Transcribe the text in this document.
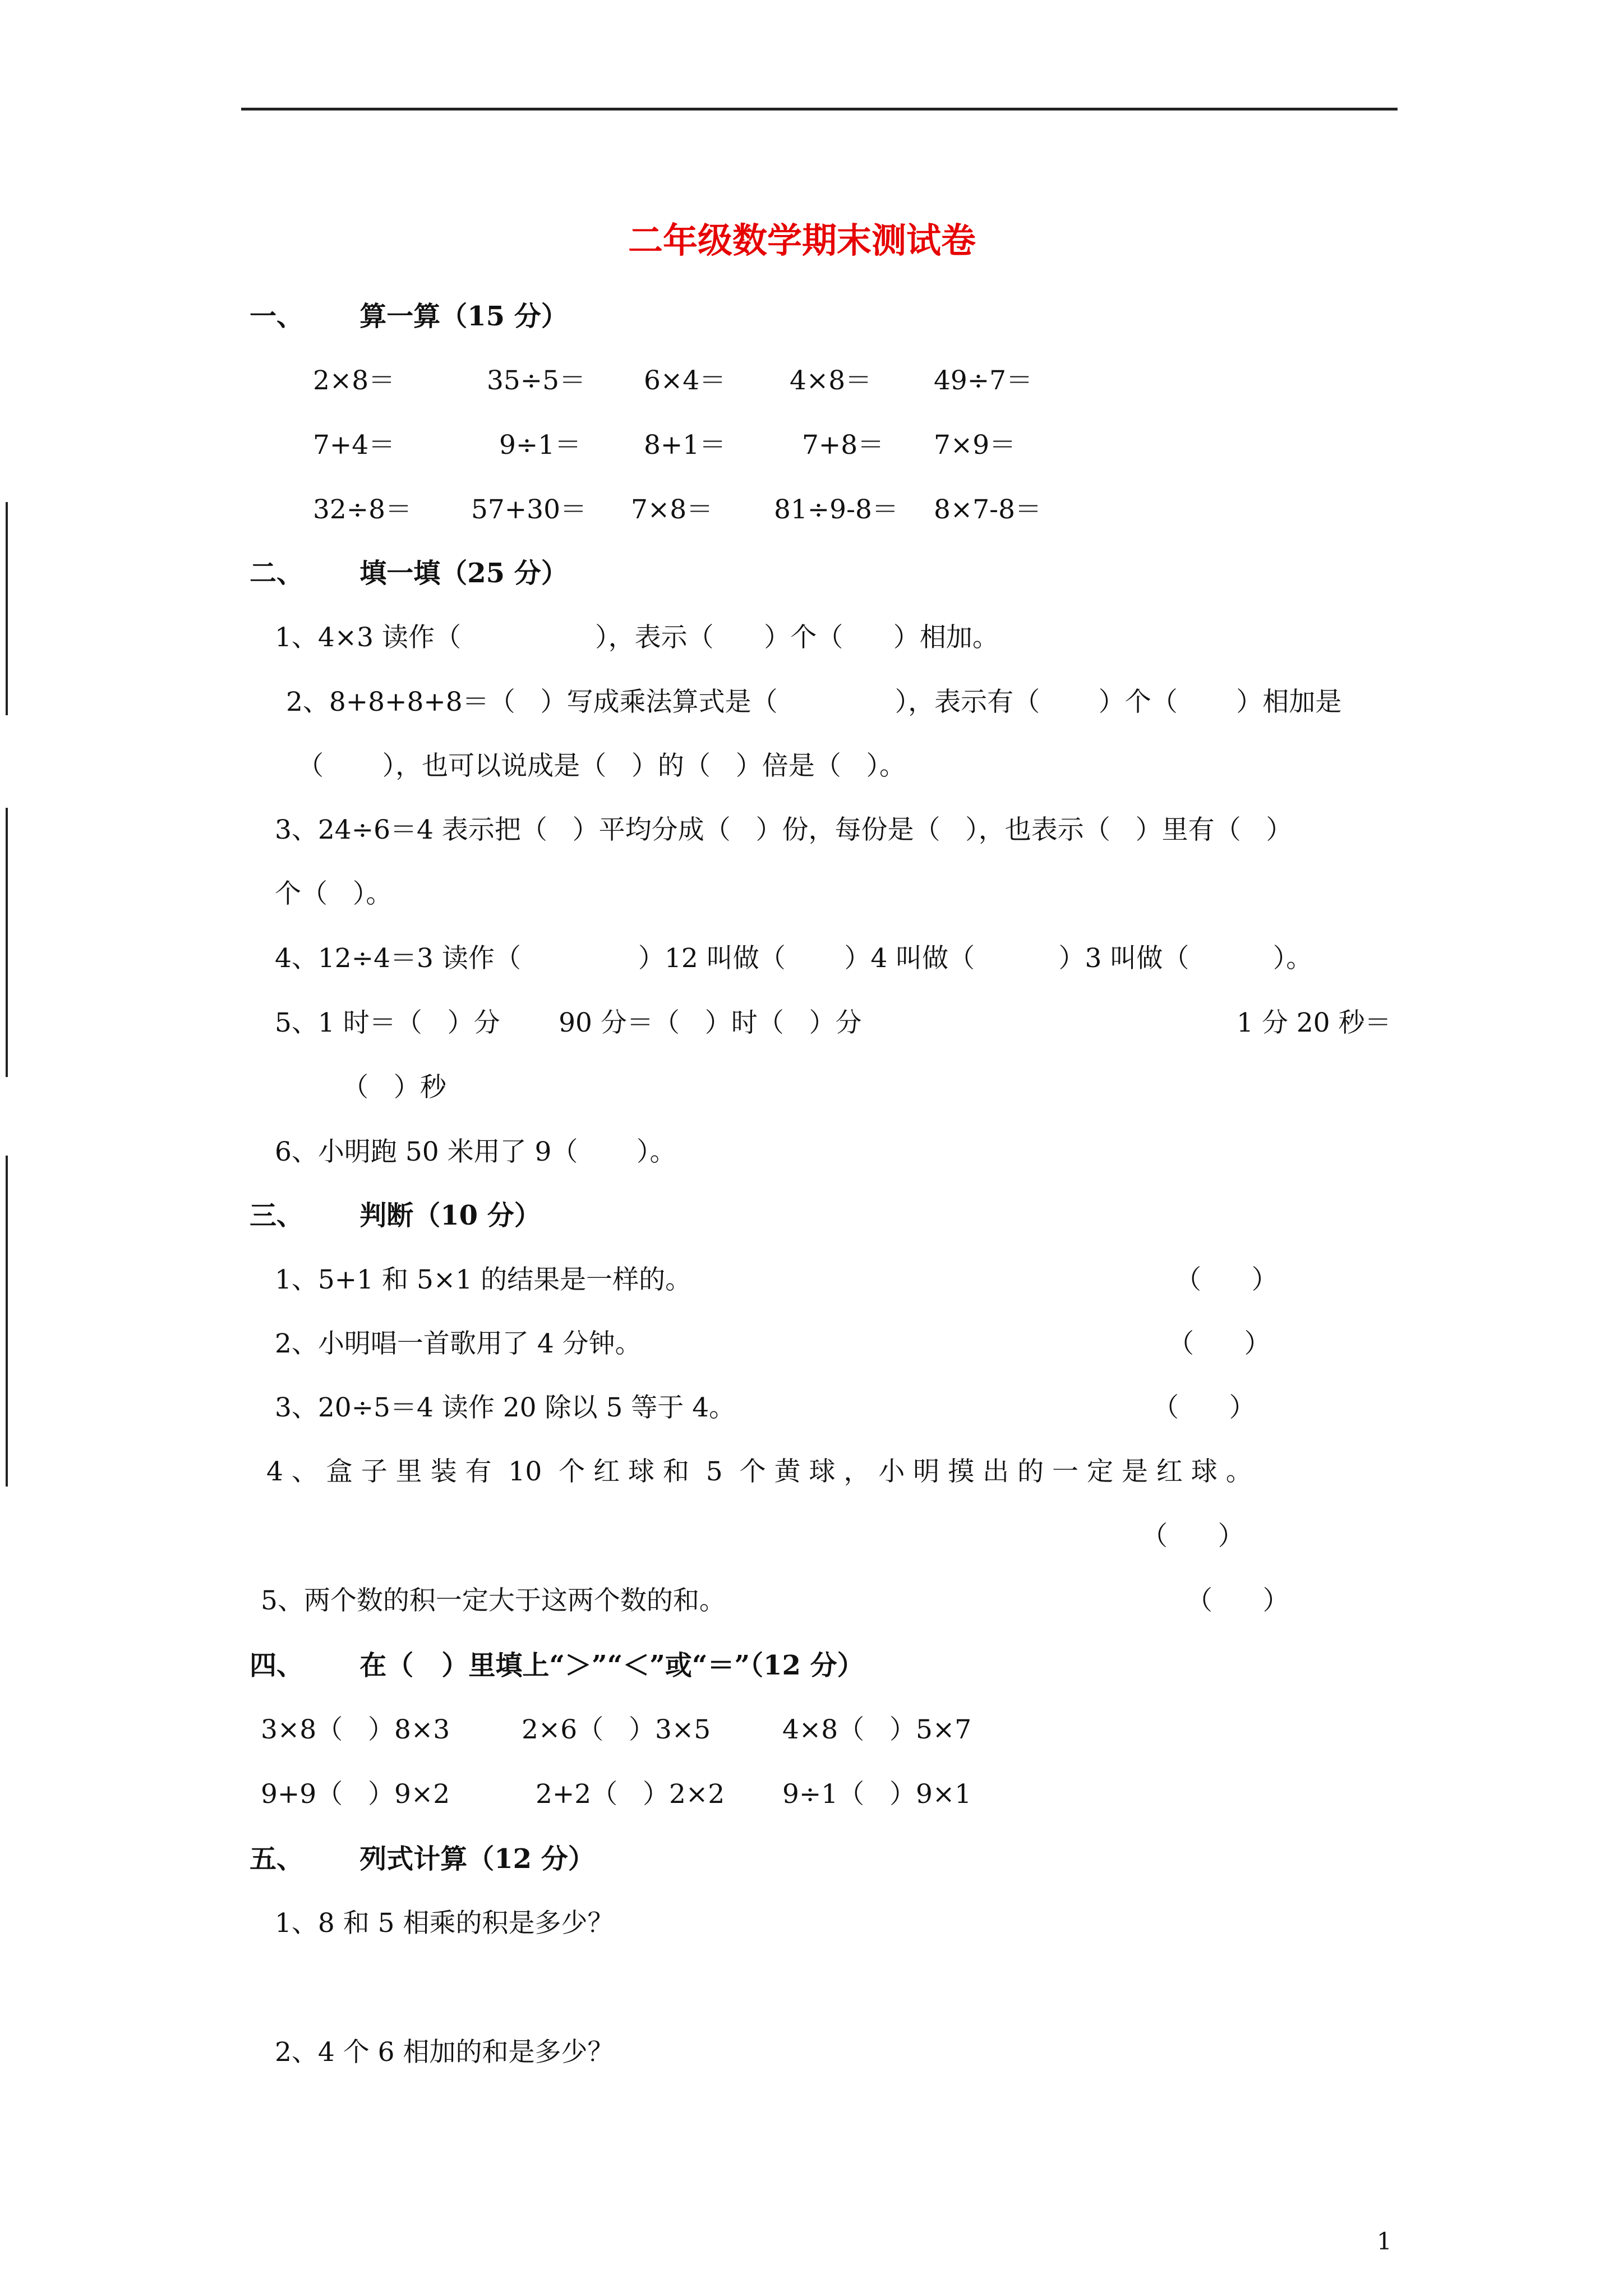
二年级数学期末测试卷
一、      算一算（15 分）
2×8＝	35÷5＝ 6×4＝ 4×8＝ 49÷7＝
7+4＝	9÷1＝ 8+1＝	7+8＝ 7×9＝
32÷8＝ 57+30＝ 7×8＝ 81÷9-8＝ 8×7-8＝
二、      填一填（25 分）
1、4×3 读作（                ），表示（      ）个（      ）相加。
2、8+8+8+8＝（   ）写成乘法算式是（              ），表示有（       ）个（       ）相加是
（       ），也可以说成是（   ）的（   ）倍是（   ）。
3、24÷6＝4 表示把（   ）平均分成（   ）份，每份是（   ），也表示（   ）里有（   ）
个（   ）。
4、12÷4＝3 读作（              ）12 叫做（       ）4 叫做（          ）3 叫做（          ）。
5、1 时＝（   ）分       90 分＝（   ）时（   ）分	1 分 20 秒＝
（   ）秒
6、小明跑 50 米用了 9（       ）。
三、      判断（10 分）
1、5+1 和 5×1 的结果是一样的。	（      ）
2、小明唱一首歌用了 4 分钟。	（      ）
3、20÷5＝4 读作 20 除以 5 等于 4。	（      ）
4 、 盒 子 里 装 有  10  个 红 球 和  5  个 黄 球 ， 小 明 摸 出 的 一 定 是 红 球 。
（      ）
5、两个数的积一定大于这两个数的和。	（      ）
四、      在（   ）里填上“＞”“＜”或“＝”（12 分）
3×8（   ）8×3	2×6（   ）3×5	4×8（   ）5×7
9+9（   ）9×2	2+2（   ）2×2 9÷1（   ）9×1
五、      列式计算（12 分）
1、8 和 5 相乘的积是多少？
2、4 个 6 相加的和是多少？
1
